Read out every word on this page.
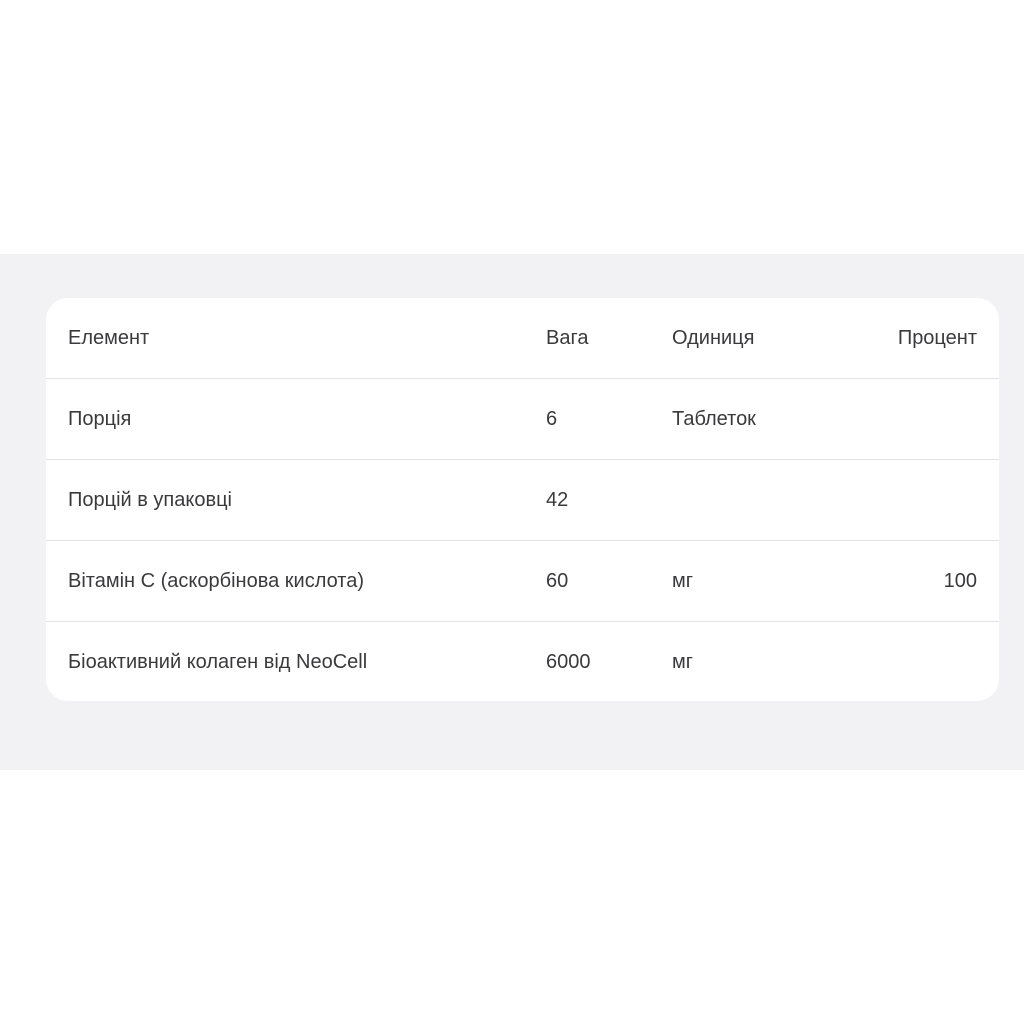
Елемент	Вага	Одиниця	Процент
Порція	6	Таблеток
Порцій в упаковці	42
Вітамін С (аскорбінова кислота)	60	мг	100
Біоактивний колаген від NeoCell	6000	мг
